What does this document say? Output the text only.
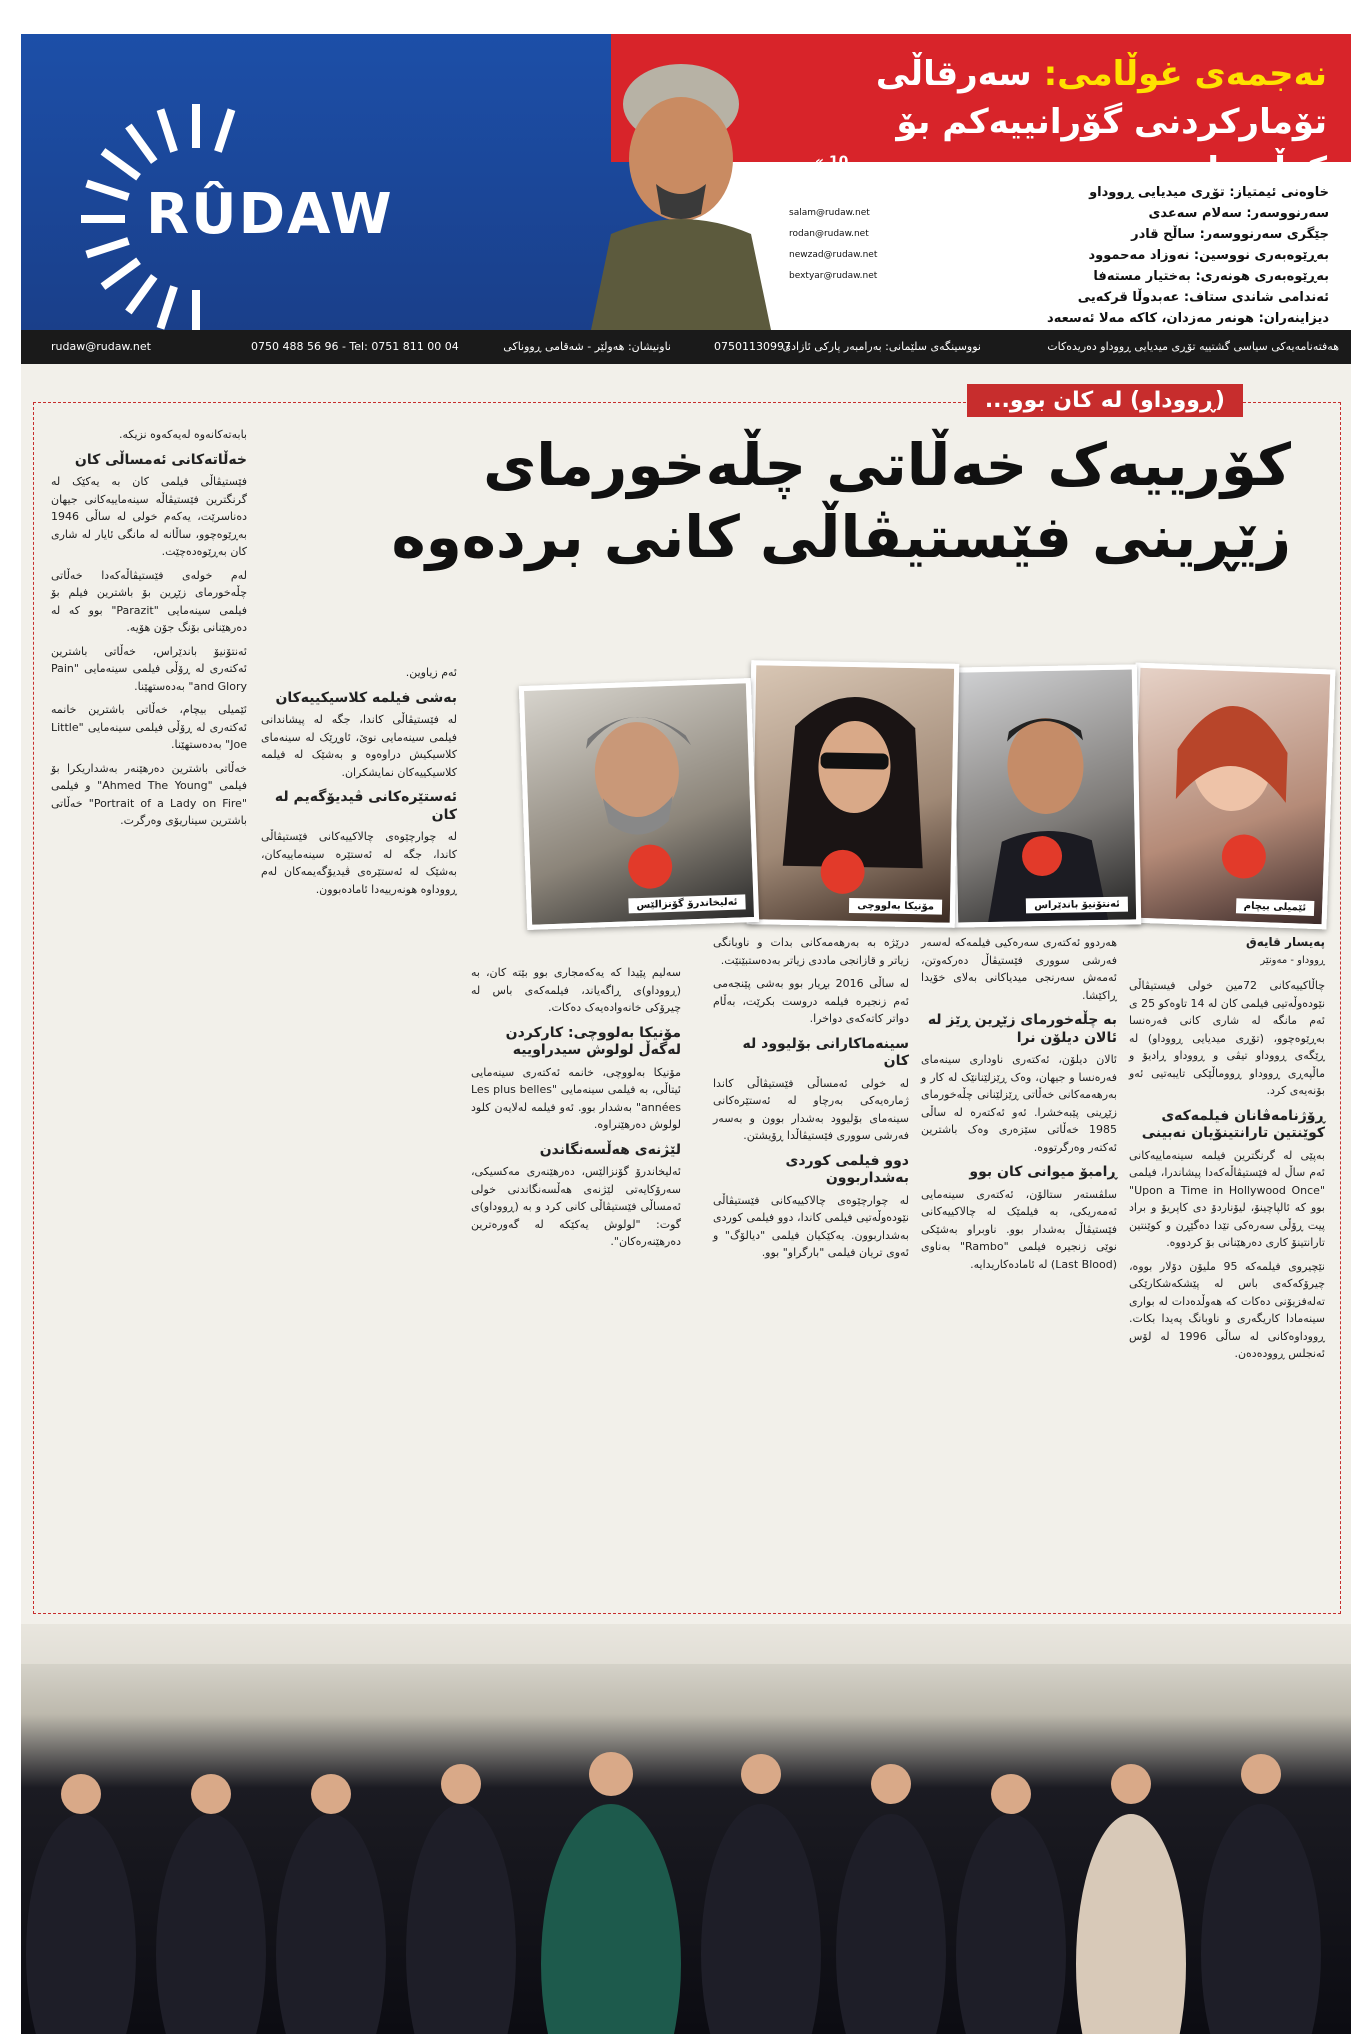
RÛDAW
نەجمەی غوڵامی: سەرقاڵی تۆمارکردنی گۆرانییەکم بۆ کۆڵبەران
« 10
خاوەنی ئیمتیاز: تۆڕی میدیایی ڕووداو
سەرنووسەر: سەلام سەعدی
salam@rudaw.net
جێگری سەرنووسەر: ساڵح قادر
rodan@rudaw.net
بەڕێوەبەری نووسین: نەوزاد مەحموود
newzad@rudaw.net
بەڕێوەبەری هونەری: بەختیار مستەفا
bextyar@rudaw.net
ئەندامی شاندی ستاف: عەبدوڵا قرکەیی
دیزاینەران: هونەر مەزدان، کاکە مەلا ئەسعەد
هەفتەنامەیەکی سیاسی گشتییە تۆڕی میدیایی ڕووداو دەریدەکات
نووسینگەی سلێمانی: بەرامبەر پارکی ئازادی
07501130997
ناونیشان: هەولێر - شەقامی ڕووناکی
0750 488 56 96 - Tel: 0751 811 00 04
rudaw@rudaw.net
(ڕووداو) لە کان بوو...
کۆرییەک خەڵاتی چڵەخورمای
زێڕینی فێستیڤاڵی کانی بردەوە
ئێمیلی بیچام
ئەنتۆنیۆ باندێراس
مۆنیکا بەلووچی
ئەلیخاندرۆ گۆنزالێس
پەیسار قایەق
ڕووداو - مەونێر

چاڵاکییەکانی 72مین خولی فیستیڤاڵی نێودەوڵەتیی فیلمی کان لە 14 تاوەکو 25 ی ئەم مانگە لە شاری کانی فەرەنسا بەڕێوەچوو، (تۆڕی میدیایی ڕووداو) لە ڕێگەی ڕووداو تیڤی و ڕووداو ڕادیۆ و ماڵپەڕی ڕووداو ڕووماڵێکی تایبەتیی ئەو بۆنەیەی کرد.

ڕۆژنامەڤانان فیلمەکەی کوێنتین تارانتینۆیان نەبینی

بەپێی لە گرنگترین فیلمە سینەماییەکانی ئەم ساڵ لە فێستیڤاڵەکەدا پیشاندرا، فیلمی "Upon a Time in Hollywood Once" بوو کە ئالپاچینۆ، لیۆناردۆ دی کاپریۆ و براد پیت ڕۆڵی سەرەکی تێدا دەگێڕن و کوێنتین تارانتینۆ کاری دەرهێنانی بۆ کردووە.

نێچیروی فیلمەکە 95 ملیۆن دۆلار بووە، چیرۆکەکەی باس لە پێشکەشکارێکی تەلەفزیۆنی دەکات کە هەوڵدەدات لە بواری سینەمادا کاریگەری و ناوبانگ پەیدا بکات. ڕووداوەکانی لە ساڵی 1996 لە لۆس ئەنجلس ڕوودەدەن.

هەردوو ئەکتەری سەرەکیی فیلمەکە لەسەر فەرشی سووری فێستیڤاڵ دەرکەوتن، ئەمەش سەرنجی میدیاکانی بەلای خۆیدا ڕاکێشا.

بە چڵەخورمای زێڕین ڕێز لە ئالان دیلۆن نرا

ئالان دیلۆن، ئەکتەری ناوداری سینەمای فەرەنسا و جیهان، وەک ڕێزلێنانێک لە کار و بەرهەمەکانی خەڵاتی ڕێزلێنانی چڵەخورمای زێڕینی پێبەخشرا. ئەو ئەکتەرە لە ساڵی 1985 خەڵاتی سێزەری وەک باشترین ئەکتەر وەرگرتووە.

ڕامبۆ میوانی کان بوو

سلڤستەر ستالۆن، ئەکتەری سینەمایی ئەمەریکی، بە فیلمێک لە چالاکییەکانی فێستیڤاڵ بەشدار بوو. ناوبراو بەشێکی نوێی زنجیرە فیلمی "Rambo" بەناوی (Last Blood) لە ئامادەکاریدایە.

درێژە بە بەرهەمەکانی بدات و ناوبانگی زیاتر و قازانجی ماددی زیاتر بەدەستبێنێت.

لە ساڵی 2016 بڕیار بوو بەشی پێنجەمی ئەم زنجیرە فیلمە دروست بکرێت، بەڵام دواتر کاتەکەی دواخرا.

سینەماکارانی بۆلیوود لە کان

لە خولی ئەمساڵی فێستیڤاڵی کاندا ژمارەیەکی بەرچاو لە ئەستێرەکانی سینەمای بۆلیوود بەشدار بوون و بەسەر فەرشی سووری فێستیڤاڵدا ڕۆیشتن.

دوو فیلمی کوردی بەشداربوون

لە چوارچێوەی چالاکییەکانی فێستیڤاڵی نێودەوڵەتیی فیلمی کاندا، دوو فیلمی کوردی بەشداربوون. یەکێکیان فیلمی "دیالۆگ" و ئەوی تریان فیلمی "بارگراو" بوو.

سەلیم پێیدا کە یەکەمجاری بوو بێتە کان، بە (ڕووداو)ی ڕاگەیاند، فیلمەکەی باس لە چیرۆکی خانەوادەیەک دەکات.

مۆنیکا بەلووچی: کارکردن لەگەڵ لولوش سیدراوییە

مۆنیکا بەلووچی، خانمە ئەکتەری سینەمایی ئیتاڵی، بە فیلمی سینەمایی "Les plus belles années" بەشدار بوو. ئەو فیلمە لەلایەن کلود لولوش دەرهێنراوە.

لێژنەی هەڵسەنگاندن

ئەلیخاندرۆ گۆنزالێس، دەرهێنەری مەکسیکی، سەرۆکایەتی لێژنەی هەڵسەنگاندنی خولی ئەمساڵی فێستیڤاڵی کانی کرد و بە (ڕووداو)ی گوت: "لولوش یەکێکە لە گەورەترین دەرهێنەرەکان".

ئەم زیاوین.

بەشی فیلمە کلاسیکییەکان

لە فێستیڤاڵی کاندا، جگە لە پیشاندانی فیلمی سینەمایی نوێ، ئاوڕێک لە سینەمای کلاسیکیش دراوەوە و بەشێک لە فیلمە کلاسیکییەکان نمایشکران.

ئەستێرەکانی ڤیدیۆگەیم لە کان

لە چوارچێوەی چالاکییەکانی فێستیڤاڵی کاندا، جگە لە ئەستێرە سینەماییەکان، بەشێک لە ئەستێرەی ڤیدیۆگەیمەکان لەم ڕووداوە هونەرییەدا ئامادەبوون.

بابەتەکانەوە لەیەکەوە نزیکە.

خەڵاتەکانی ئەمساڵی کان

فێستیڤاڵی فیلمی کان بە یەکێک لە گرنگترین فێستیڤاڵە سینەماییەکانی جیهان دەناسرێت، یەکەم خولی لە ساڵی 1946 بەڕێوەچوو، ساڵانە لە مانگی ئایار لە شاری کان بەڕێوەدەچێت.

لەم خولەی فێستیڤاڵەکەدا خەڵاتی چڵەخورمای زێڕین بۆ باشترین فیلم بۆ فیلمی سینەمایی "Parazit" بوو کە لە دەرهێنانی بۆنگ جۆن هۆیە.

ئەنتۆنیۆ باندێراس، خەڵاتی باشترین ئەکتەری لە ڕۆڵی فیلمی سینەمایی "Pain and Glory" بەدەستهێنا.

ئێمیلی بیچام، خەڵاتی باشترین خانمە ئەکتەری لە ڕۆڵی فیلمی سینەمایی "Little Joe" بەدەستهێنا.

خەڵاتی باشترین دەرهێنەر بەشداریکرا بۆ فیلمی "Ahmed The Young" و فیلمی "Portrait of a Lady on Fire" خەڵاتی باشترین سیناریۆی وەرگرت.
